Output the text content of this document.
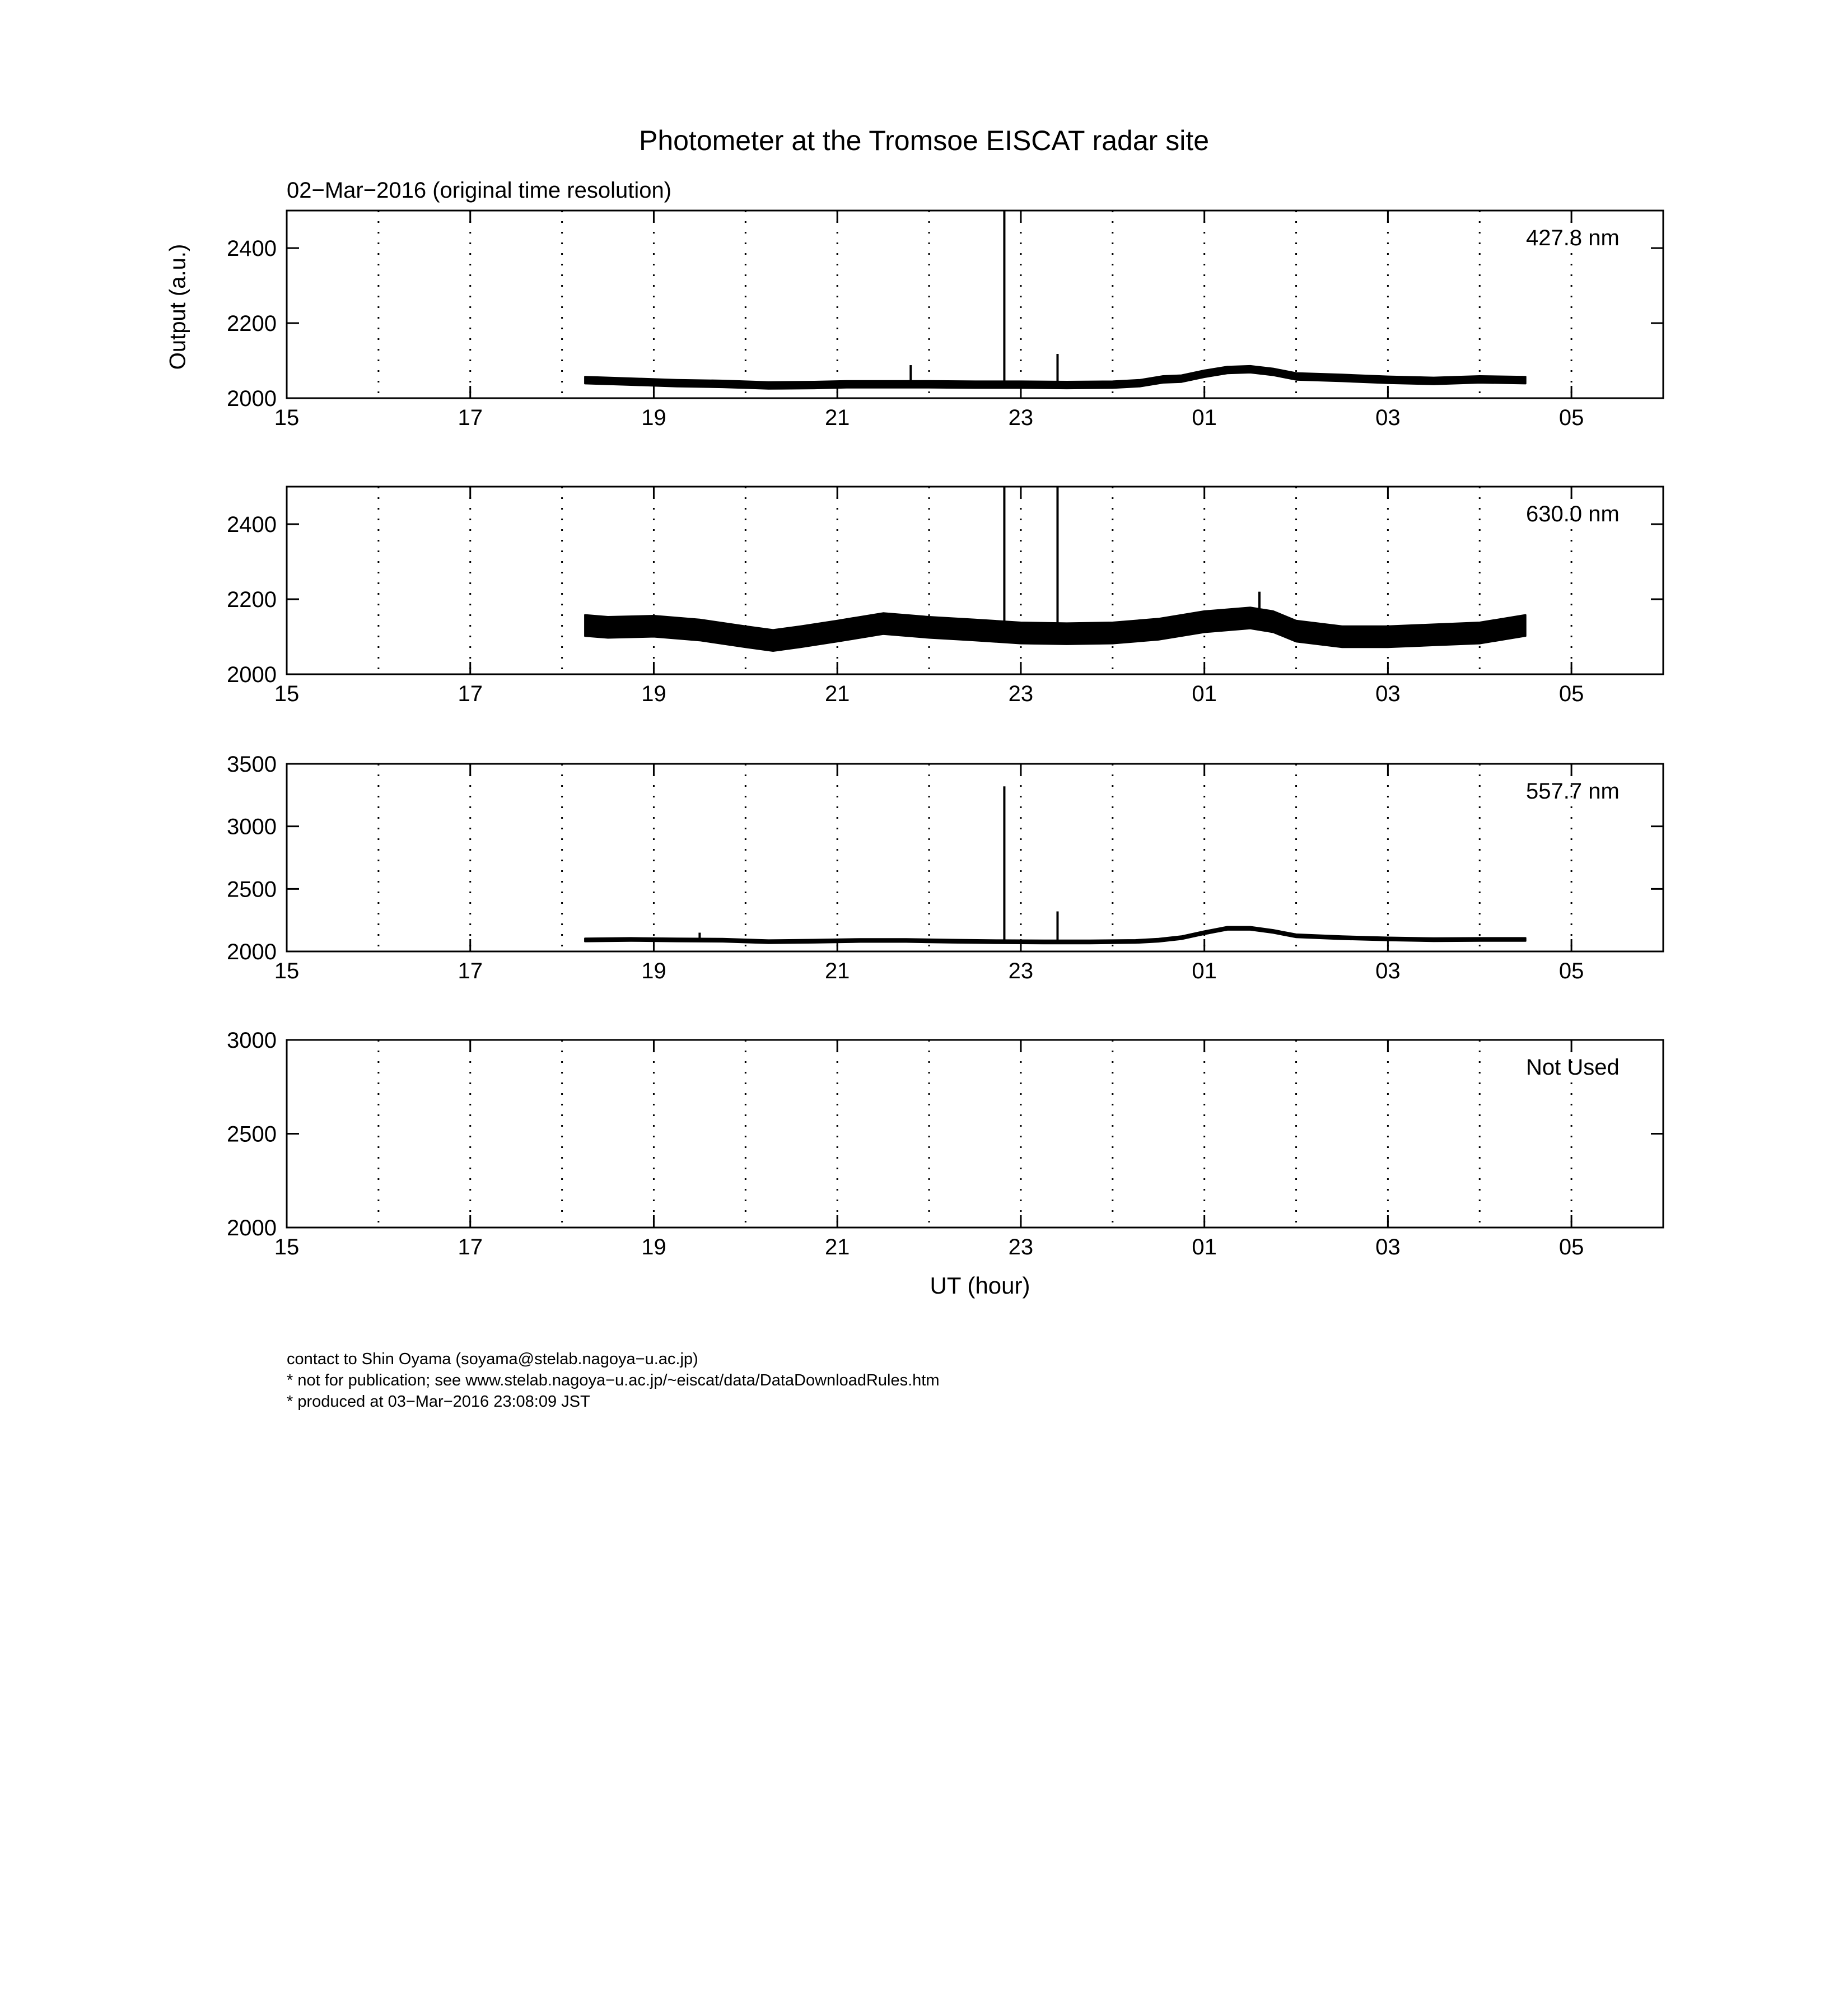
Photometer at the Tromsoe EISCAT radar site
02−Mar−2016 (original time resolution)
Output (a.u.)
15	17	19	21	23	01	03	05
2000
2200
2400	427.8 nm
15	17	19	21	23	01	03	05
2000
2200
2400	630.0 nm
15	17	19	21	23	01	03	05
2000
2500
3000
3500
557.7 nm
15	17	19	21	23	01	03	05
2000
2500
3000
Not Used
UT (hour)
contact to Shin Oyama (soyama@stelab.nagoya−u.ac.jp)
* not for publication; see www.stelab.nagoya−u.ac.jp/~eiscat/data/DataDownloadRules.htm
* produced at 03−Mar−2016 23:08:09 JST
